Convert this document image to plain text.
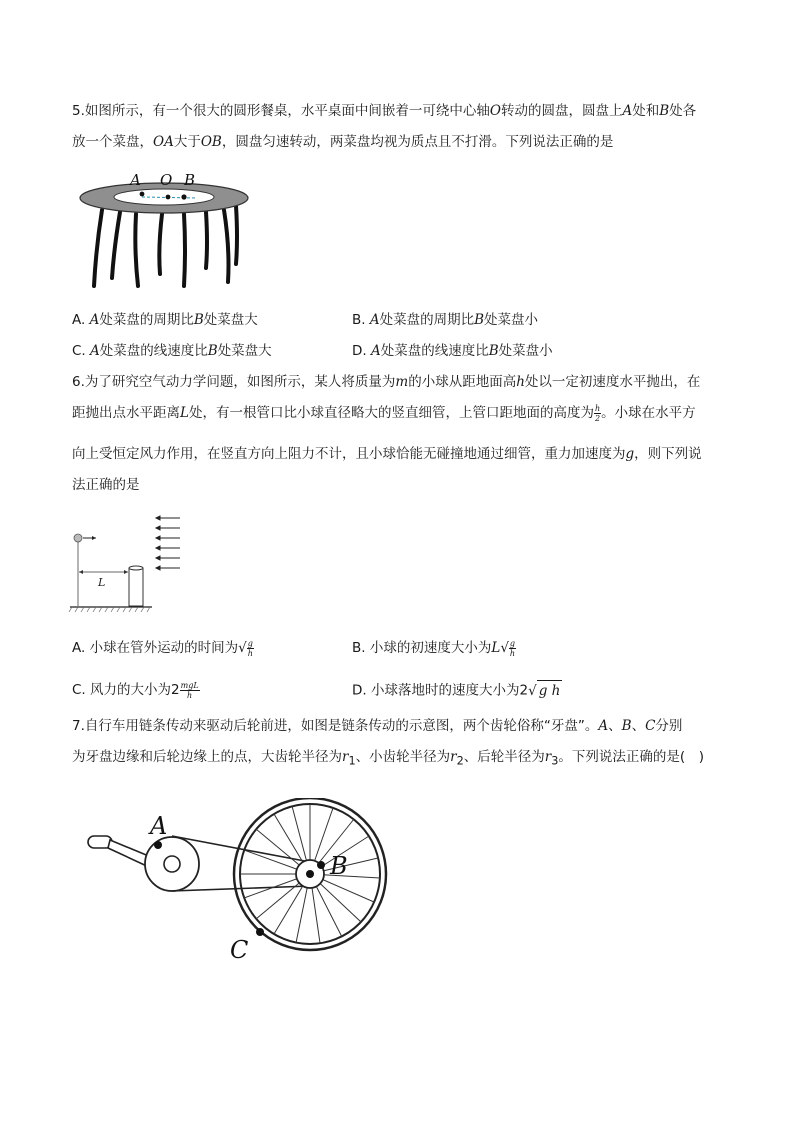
5.如图所示，有一个很大的圆形餐桌，水平桌面中间嵌着一可绕中心轴O转动的圆盘，圆盘上A处和B处各
放一个菜盘，OA大于OB，圆盘匀速转动，两菜盘均视为质点且不打滑。下列说法正确的是
A O B
A. A处菜盘的周期比B处菜盘大	B. A处菜盘的周期比B处菜盘小
C. A处菜盘的线速度比B处菜盘大	D. A处菜盘的线速度比B处菜盘小
6.为了研究空气动力学问题，如图所示，某人将质量为m的小球从距地面高h处以一定初速度水平抛出，在
距抛出点水平距离L处，有一根管口比小球直径略大的竖直细管，上管口距地面的高度为 $\frac{h}{2}$ 。小球在水平方
向上受恒定风力作用，在竖直方向上阻力不计，且小球恰能无碰撞地通过细管，重力加速度为g，则下列说
法正确的是
L
A. 小球在管外运动的时间为√ $\frac{g}{h}$	B. 小球的初速度大小为$L√ \frac{g}{h}$
C. 风力的大小为$2 \frac{\text{mgL}}{h}$	D. 小球落地时的速度大小为2√ g h
7.自行车用链条传动来驱动后轮前进，如图是链条传动的示意图，两个齿轮俗称“牙盘”。A、B、C分别
为牙盘边缘和后轮边缘上的点，大齿轮半径为$r_1$、小齿轮半径为$r_2$、后轮半径为$r_3$。下列说法正确的是(　)
A
B
C
